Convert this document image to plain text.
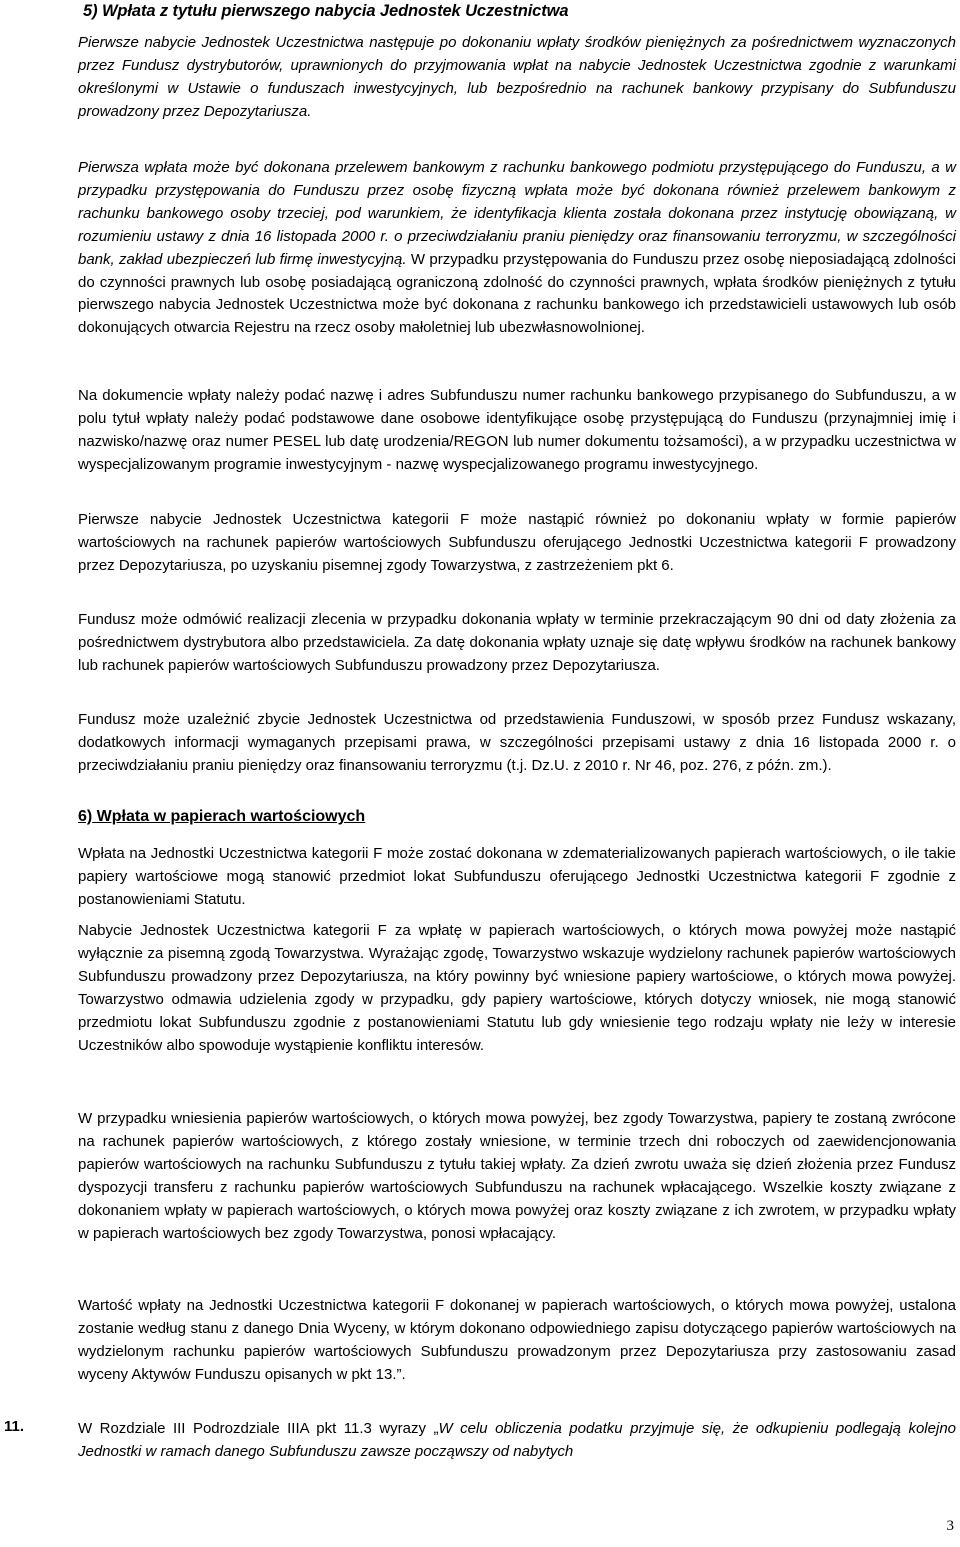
5) Wpłata z tytułu pierwszego nabycia Jednostek Uczestnictwa

Pierwsze nabycie Jednostek Uczestnictwa następuje po dokonaniu wpłaty środków pieniężnych za pośrednictwem wyznaczonych przez Fundusz dystrybutorów, uprawnionych do przyjmowania wpłat na nabycie Jednostek Uczestnictwa zgodnie z warunkami określonymi w Ustawie o funduszach inwestycyjnych, lub bezpośrednio na rachunek bankowy przypisany do Subfunduszu prowadzony przez Depozytariusza.

Pierwsza wpłata może być dokonana przelewem bankowym z rachunku bankowego podmiotu przystępującego do Funduszu, a w przypadku przystępowania do Funduszu przez osobę fizyczną wpłata może być dokonana również przelewem bankowym z rachunku bankowego osoby trzeciej, pod warunkiem, że identyfikacja klienta została dokonana przez instytucję obowiązaną, w rozumieniu ustawy z dnia 16 listopada 2000 r. o przeciwdziałaniu praniu pieniędzy oraz finansowaniu terroryzmu, w szczególności bank, zakład ubezpieczeń lub firmę inwestycyjną. W przypadku przystępowania do Funduszu przez osobę nieposiadającą zdolności do czynności prawnych lub osobę posiadającą ograniczoną zdolność do czynności prawnych, wpłata środków pieniężnych z tytułu pierwszego nabycia Jednostek Uczestnictwa może być dokonana z rachunku bankowego ich przedstawicieli ustawowych lub osób dokonujących otwarcia Rejestru na rzecz osoby małoletniej lub ubezwłasnowolnionej.

Na dokumencie wpłaty należy podać nazwę i adres Subfunduszu numer rachunku bankowego przypisanego do Subfunduszu, a w polu tytuł wpłaty należy podać podstawowe dane osobowe identyfikujące osobę przystępującą do Funduszu (przynajmniej imię i nazwisko/nazwę oraz numer PESEL lub datę urodzenia/REGON lub numer dokumentu tożsamości), a w przypadku uczestnictwa w wyspecjalizowanym programie inwestycyjnym - nazwę wyspecjalizowanego programu inwestycyjnego.

Pierwsze nabycie Jednostek Uczestnictwa kategorii F może nastąpić również po dokonaniu wpłaty w formie papierów wartościowych na rachunek papierów wartościowych Subfunduszu oferującego Jednostki Uczestnictwa kategorii F prowadzony przez Depozytariusza, po uzyskaniu pisemnej zgody Towarzystwa, z zastrzeżeniem pkt 6.

Fundusz może odmówić realizacji zlecenia w przypadku dokonania wpłaty w terminie przekraczającym 90 dni od daty złożenia za pośrednictwem dystrybutora albo przedstawiciela. Za datę dokonania wpłaty uznaje się datę wpływu środków na rachunek bankowy lub rachunek papierów wartościowych Subfunduszu prowadzony przez Depozytariusza.

Fundusz może uzależnić zbycie Jednostek Uczestnictwa od przedstawienia Funduszowi, w sposób przez Fundusz wskazany, dodatkowych informacji wymaganych przepisami prawa, w szczególności przepisami ustawy z dnia 16 listopada 2000 r. o przeciwdziałaniu praniu pieniędzy oraz finansowaniu terroryzmu (t.j. Dz.U. z 2010 r. Nr 46, poz. 276, z późn. zm.).

6) Wpłata w papierach wartościowych

Wpłata na Jednostki Uczestnictwa kategorii F może zostać dokonana w zdematerializowanych papierach wartościowych, o ile takie papiery wartościowe mogą stanowić przedmiot lokat Subfunduszu oferującego Jednostki Uczestnictwa kategorii F zgodnie z postanowieniami Statutu.

Nabycie Jednostek Uczestnictwa kategorii F za wpłatę w papierach wartościowych, o których mowa powyżej może nastąpić wyłącznie za pisemną zgodą Towarzystwa. Wyrażając zgodę, Towarzystwo wskazuje wydzielony rachunek papierów wartościowych Subfunduszu prowadzony przez Depozytariusza, na który powinny być wniesione papiery wartościowe, o których mowa powyżej. Towarzystwo odmawia udzielenia zgody w przypadku, gdy papiery wartościowe, których dotyczy wniosek, nie mogą stanowić przedmiotu lokat Subfunduszu zgodnie z postanowieniami Statutu lub gdy wniesienie tego rodzaju wpłaty nie leży w interesie Uczestników albo spowoduje wystąpienie konfliktu interesów.

W przypadku wniesienia papierów wartościowych, o których mowa powyżej, bez zgody Towarzystwa, papiery te zostaną zwrócone na rachunek papierów wartościowych, z którego zostały wniesione, w terminie trzech dni roboczych od zaewidencjonowania papierów wartościowych na rachunku Subfunduszu z tytułu takiej wpłaty. Za dzień zwrotu uważa się dzień złożenia przez Fundusz dyspozycji transferu z rachunku papierów wartościowych Subfunduszu na rachunek wpłacającego. Wszelkie koszty związane z dokonaniem wpłaty w papierach wartościowych, o których mowa powyżej oraz koszty związane z ich zwrotem, w przypadku wpłaty w papierach wartościowych bez zgody Towarzystwa, ponosi wpłacający.

Wartość wpłaty na Jednostki Uczestnictwa kategorii F dokonanej w papierach wartościowych, o których mowa powyżej, ustalona zostanie według stanu z danego Dnia Wyceny, w którym dokonano odpowiedniego zapisu dotyczącego papierów wartościowych na wydzielonym rachunku papierów wartościowych Subfunduszu prowadzonym przez Depozytariusza przy zastosowaniu zasad wyceny Aktywów Funduszu opisanych w pkt 13.”.

11.	W Rozdziale III Podrozdziale IIIA pkt 11.3 wyrazy „W celu obliczenia podatku przyjmuje się, że odkupieniu podlegają kolejno Jednostki w ramach danego Subfunduszu zawsze począwszy od nabytych

3
